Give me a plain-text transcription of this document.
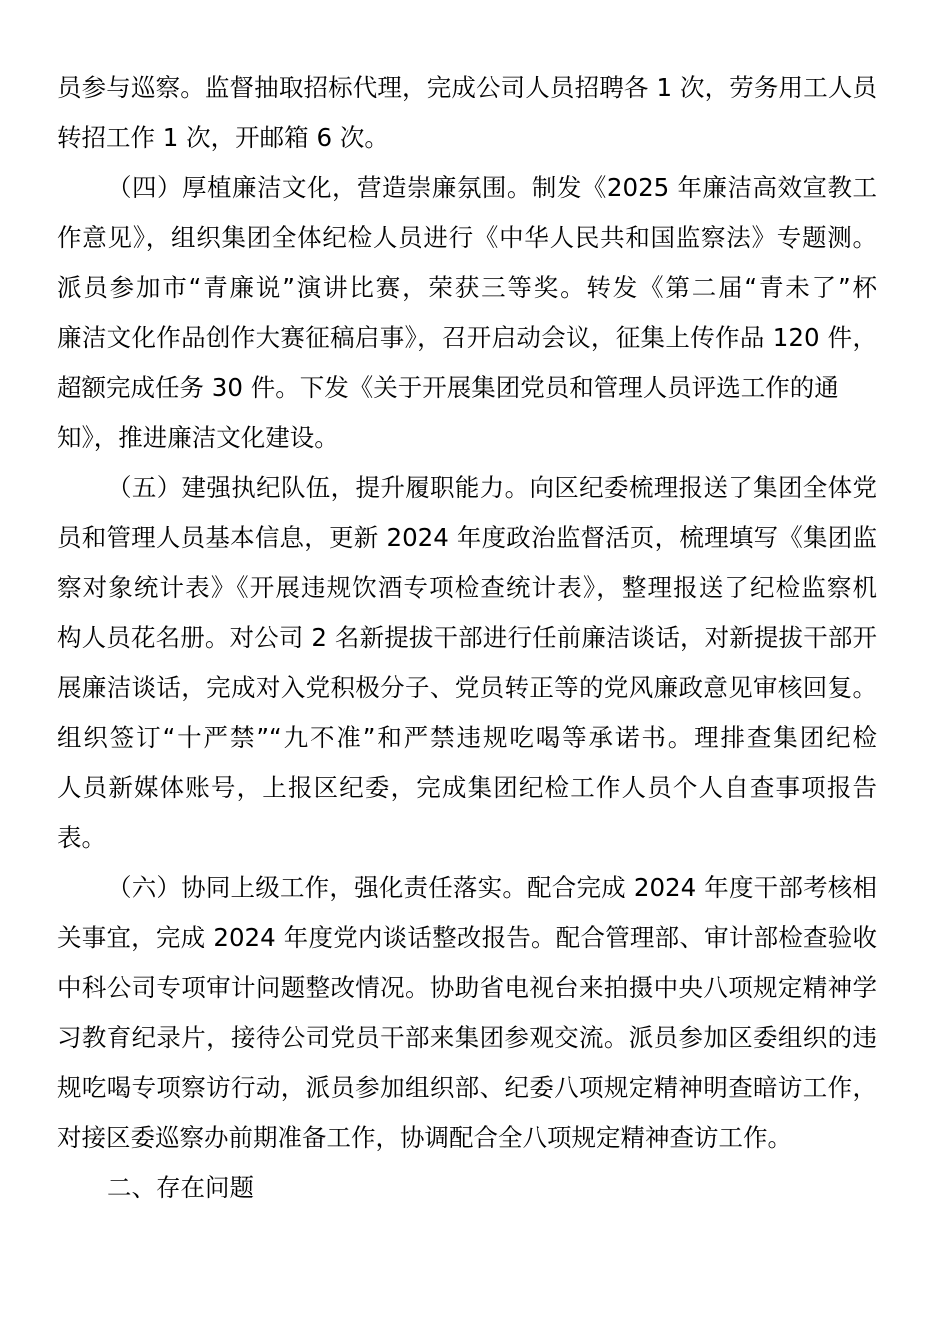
员参与巡察。监督抽取招标代理，完成公司人员招聘各 1 次，劳务用工人员
转招工作 1 次，开邮箱 6 次。
（四）厚植廉洁文化，营造崇廉氛围。制发《2025 年廉洁高效宣教工
作意见》，组织集团全体纪检人员进行《中华人民共和国监察法》专题测。
派员参加市“青廉说”演讲比赛，荣获三等奖。转发《第二届“青未了”杯
廉洁文化作品创作大赛征稿启事》，召开启动会议，征集上传作品 120 件，
超额完成任务 30 件。下发《关于开展集团党员和管理人员评选工作的通
知》，推进廉洁文化建设。
（五）建强执纪队伍，提升履职能力。向区纪委梳理报送了集团全体党
员和管理人员基本信息，更新 2024 年度政治监督活页，梳理填写《集团监
察对象统计表》《开展违规饮酒专项检查统计表》，整理报送了纪检监察机
构人员花名册。对公司 2 名新提拔干部进行任前廉洁谈话，对新提拔干部开
展廉洁谈话，完成对入党积极分子、党员转正等的党风廉政意见审核回复。
组织签订“十严禁”“九不准”和严禁违规吃喝等承诺书。理排查集团纪检
人员新媒体账号，上报区纪委，完成集团纪检工作人员个人自查事项报告
表。
（六）协同上级工作，强化责任落实。配合完成 2024 年度干部考核相
关事宜，完成 2024 年度党内谈话整改报告。配合管理部、审计部检查验收
中科公司专项审计问题整改情况。协助省电视台来拍摄中央八项规定精神学
习教育纪录片，接待公司党员干部来集团参观交流。派员参加区委组织的违
规吃喝专项察访行动，派员参加组织部、纪委八项规定精神明查暗访工作，
对接区委巡察办前期准备工作，协调配合全八项规定精神查访工作。
二、存在问题
